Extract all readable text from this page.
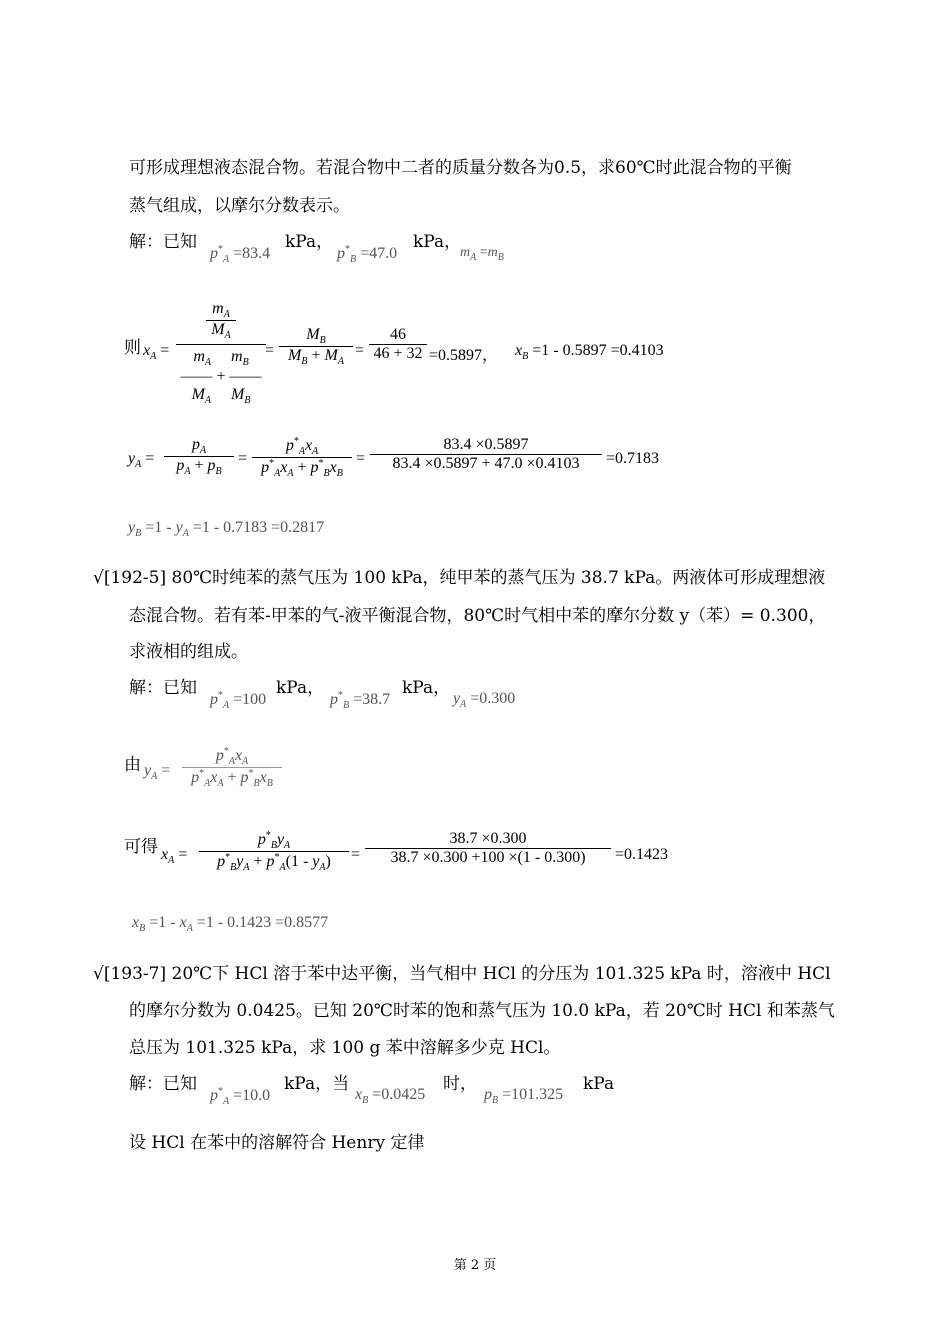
可形成理想液态混合物。若混合物中二者的质量分数各为0.5，求60℃时此混合物的平衡
蒸气组成，以摩尔分数表示。
解：已知
$p^*_A =83.4$
kPa，
$p^*_B =47.0$
kPa，
$m_A =m_B$
则 $x_A$ =
$m_A$
$M_A$
$m_A$ $m_B$
—— + ——
$M_A$ $M_B$
=
$M_B$
$M_B + M_A$
=
46
46 + 32 =0.5897， $x_B =1 - 0.5897 =0.4103$
$y_A$ =
$p_A$
$p_A + p_B$
=
$p^*_Ax_A$
$p^*_Ax_A + p^*_Bx_B$
=
83.4 ×0.5897
83.4 ×0.5897 + 47.0 ×0.4103	=0.7183
$y_B =1 - y_A =1 - 0.7183 =0.2817$
√[192-5] 80℃时纯苯的蒸气压为 100 kPa，纯甲苯的蒸气压为 38.7 kPa。两液体可形成理想液
态混合物。若有苯-甲苯的气-液平衡混合物，80℃时气相中苯的摩尔分数 y（苯）= 0.300，
求液相的组成。
解：已知
$p^*_A =100$
kPa，
$p^*_B =38.7$
kPa，
$y_A =0.300$
由 $y_A$ =
$p^*_Ax_A$
$p^*_Ax_A + p^*_Bx_B$
可得 $x_A$ =
$p^*_By_A$
$p^*_By_A + p^*_A(1 - y_A)$	=
38.7 ×0.300
38.7 ×0.300 +100 ×(1 - 0.300)	=0.1423
$x_B =1 - x_A =1 - 0.1423 =0.8577$
√[193-7] 20℃下 HCl 溶于苯中达平衡，当气相中 HCl 的分压为 101.325 kPa 时，溶液中 HCl
的摩尔分数为 0.0425。已知 20℃时苯的饱和蒸气压为 10.0 kPa，若 20℃时 HCl 和苯蒸气
总压为 101.325 kPa，求 100 g 苯中溶解多少克 HCl。
解：已知
$p^*_A =10.0$
kPa，当
$x_B =0.0425$
时，
$p_B =101.325$
kPa
设 HCl 在苯中的溶解符合 Henry 定律
第 2 页
